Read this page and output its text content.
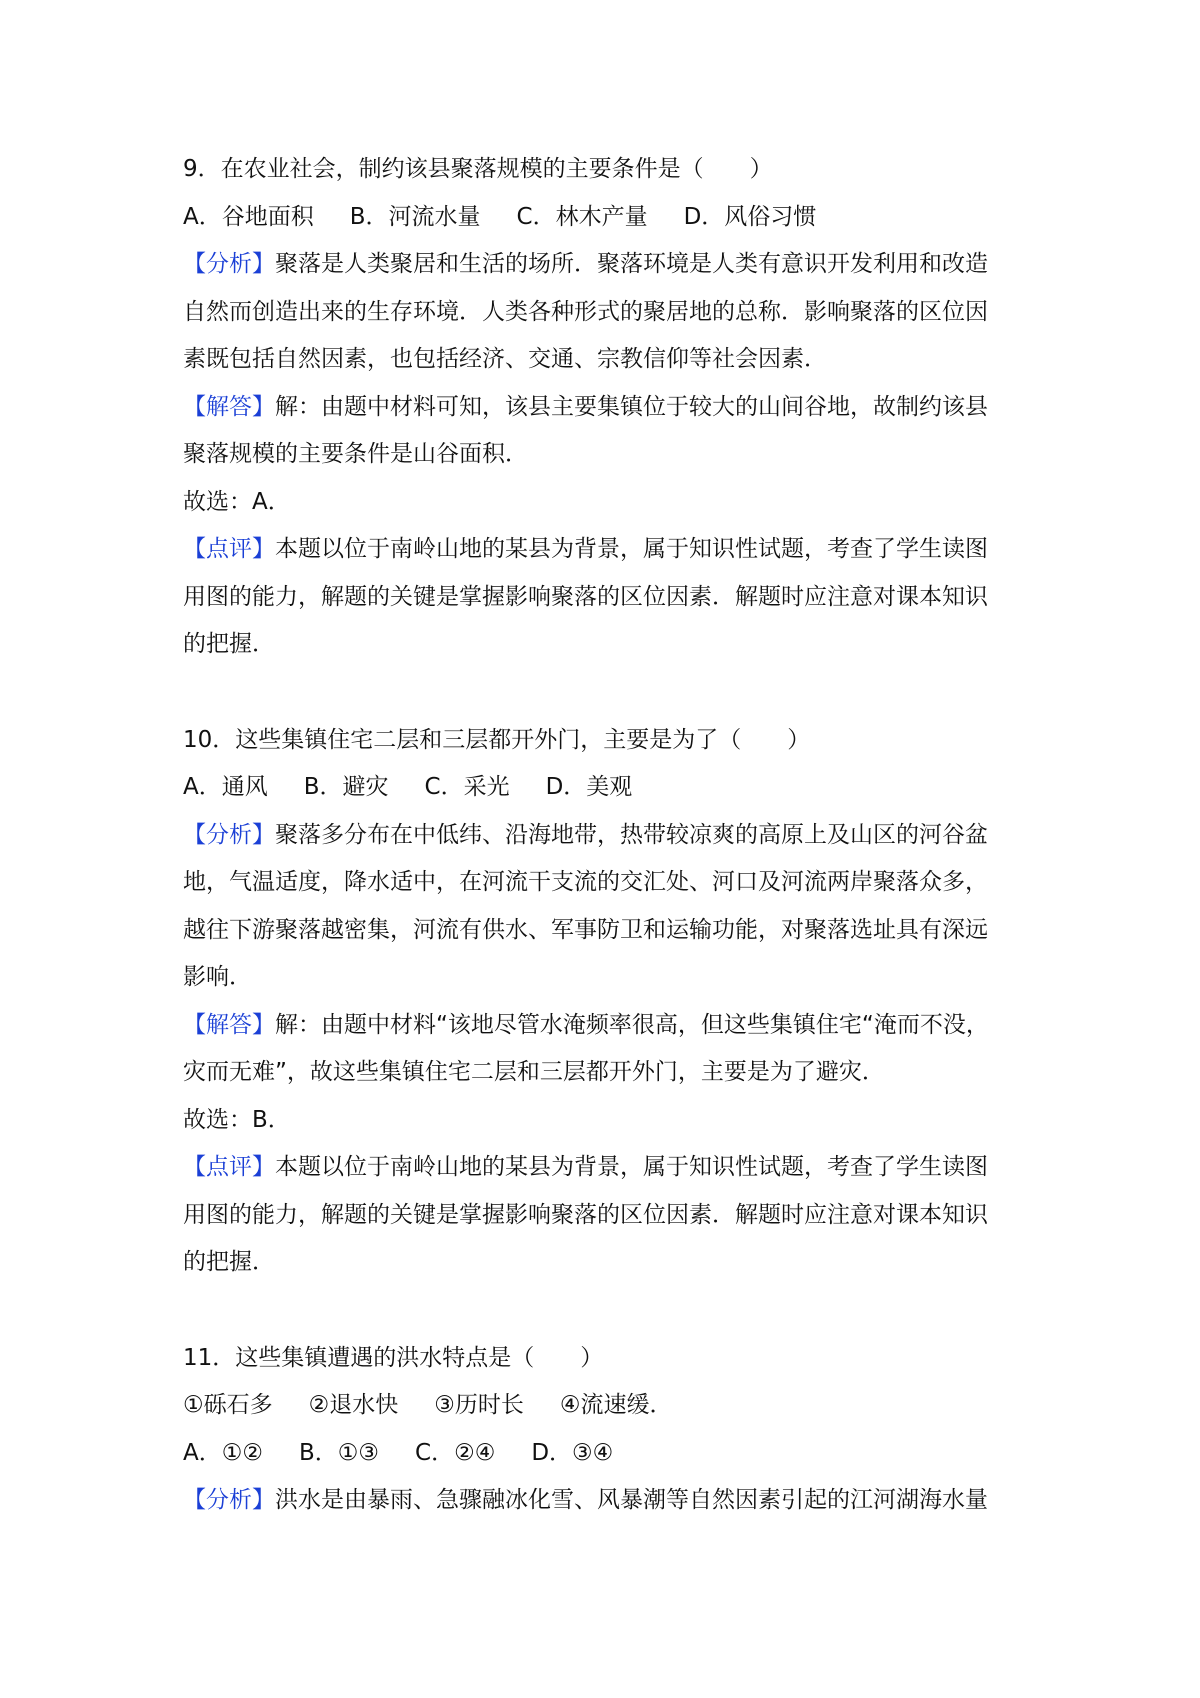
9．在农业社会，制约该县聚落规模的主要条件是（　　）
A．谷地面积 B．河流水量 C．林木产量 D．风俗习惯
【分析】聚落是人类聚居和生活的场所．聚落环境是人类有意识开发利用和改造
自然而创造出来的生存环境．人类各种形式的聚居地的总称．影响聚落的区位因
素既包括自然因素，也包括经济、交通、宗教信仰等社会因素．
【解答】解：由题中材料可知，该县主要集镇位于较大的山间谷地，故制约该县
聚落规模的主要条件是山谷面积．
故选：A．
【点评】本题以位于南岭山地的某县为背景，属于知识性试题，考查了学生读图
用图的能力，解题的关键是掌握影响聚落的区位因素．解题时应注意对课本知识
的把握．
10．这些集镇住宅二层和三层都开外门，主要是为了（　　）
A．通风 B．避灾 C．采光 D．美观
【分析】聚落多分布在中低纬、沿海地带，热带较凉爽的高原上及山区的河谷盆
地，气温适度，降水适中，在河流干支流的交汇处、河口及河流两岸聚落众多，
越往下游聚落越密集，河流有供水、军事防卫和运输功能，对聚落选址具有深远
影响．
【解答】解：由题中材料“该地尽管水淹频率很高，但这些集镇住宅“淹而不没，
灾而无难”，故这些集镇住宅二层和三层都开外门，主要是为了避灾．
故选：B．
【点评】本题以位于南岭山地的某县为背景，属于知识性试题，考查了学生读图
用图的能力，解题的关键是掌握影响聚落的区位因素．解题时应注意对课本知识
的把握．
11．这些集镇遭遇的洪水特点是（　　）
①砾石多 ②退水快 ③历时长 ④流速缓．
A．①② B．①③ C．②④ D．③④
【分析】洪水是由暴雨、急骤融冰化雪、风暴潮等自然因素引起的江河湖海水量
